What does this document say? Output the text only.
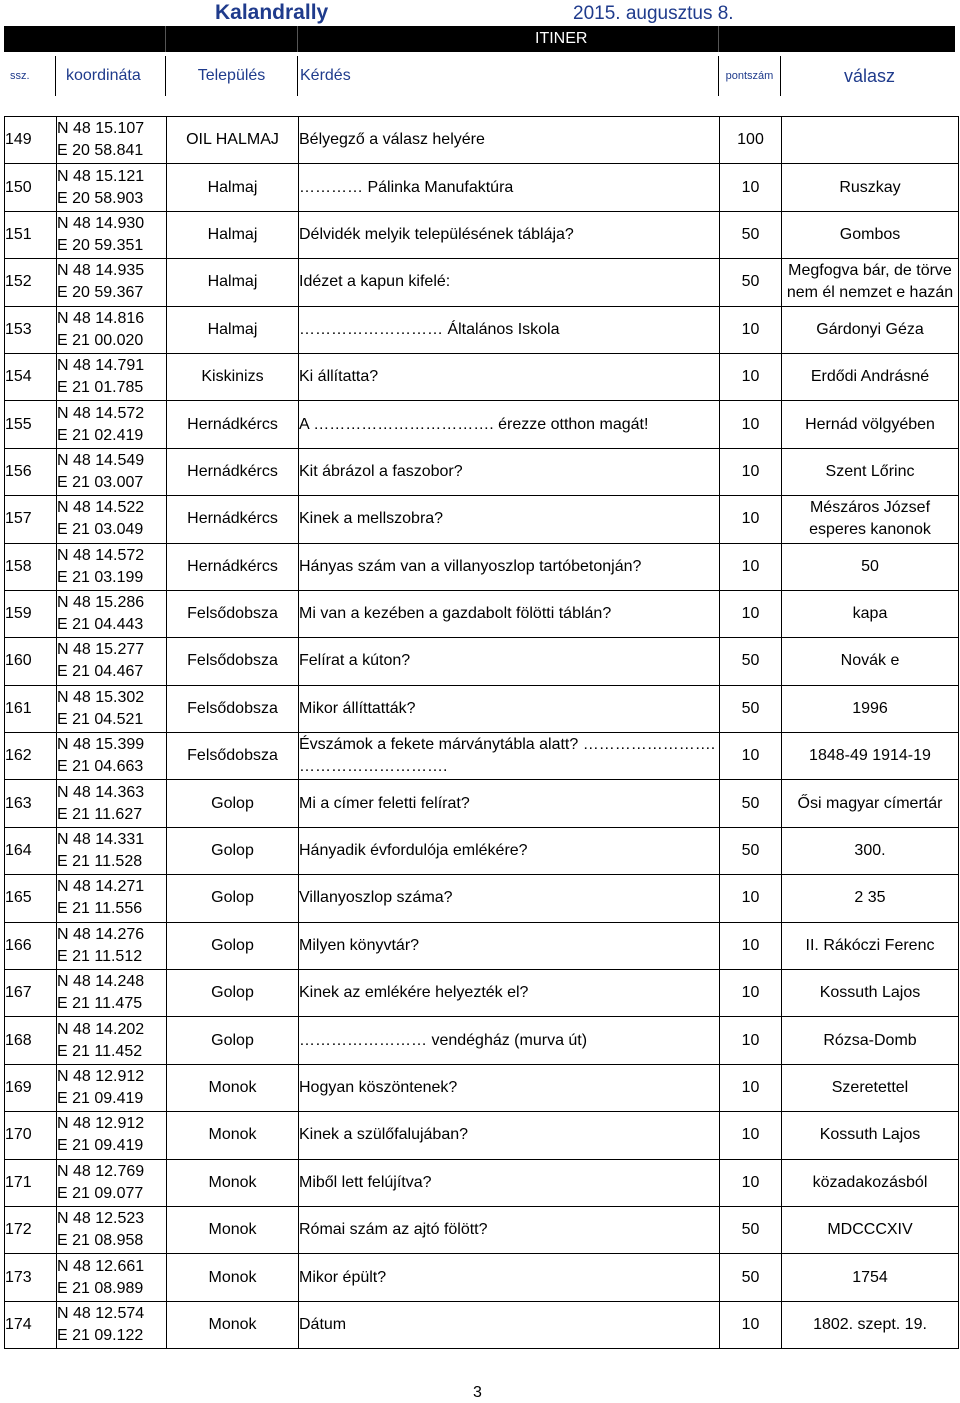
Kalandrally	2015. augusztus 8.
ITINER
ssz.	koordináta	Település	Kérdés	pontszám	válasz
149	N 48 15.107
E 20 58.841	OIL HALMAJ	Bélyegző a válasz helyére	100	
150	N 48 15.121
E 20 58.903	Halmaj	………… Pálinka Manufaktúra	10	Ruszkay
151	N 48 14.930
E 20 59.351	Halmaj	Délvidék melyik településének táblája?	50	Gombos
152	N 48 14.935
E 20 59.367	Halmaj	Idézet a kapun kifelé:	50	Megfogva bár, de törve nem él nemzet e hazán
153	N 48 14.816
E 21 00.020	Halmaj	……………………… Általános Iskola	10	Gárdonyi Géza
154	N 48 14.791
E 21 01.785	Kiskinizs	Ki állítatta?	10	Erdődi Andrásné
155	N 48 14.572
E 21 02.419	Hernádkércs	A ……………………………. érezze otthon magát!	10	Hernád völgyében
156	N 48 14.549
E 21 03.007	Hernádkércs	Kit ábrázol a faszobor?	10	Szent Lőrinc
157	N 48 14.522
E 21 03.049	Hernádkércs	Kinek a mellszobra?	10	Mészáros József esperes kanonok
158	N 48 14.572
E 21 03.199	Hernádkércs	Hányas szám van a villanyoszlop tartóbetonján?	10	50
159	N 48 15.286
E 21 04.443	Felsődobsza	Mi van a kezében a gazdabolt fölötti táblán?	10	kapa
160	N 48 15.277
E 21 04.467	Felsődobsza	Felírat a kúton?	50	Novák e
161	N 48 15.302
E 21 04.521	Felsődobsza	Mikor állíttatták?	50	1996
162	N 48 15.399
E 21 04.663	Felsődobsza	Évszámok a fekete márványtábla alatt? ……………………. ……………………….	10	1848-49 1914-19
163	N 48 14.363
E 21 11.627	Golop	Mi a címer feletti felírat?	50	Ősi magyar címertár
164	N 48 14.331
E 21 11.528	Golop	Hányadik évfordulója emlékére?	50	300.
165	N 48 14.271
E 21 11.556	Golop	Villanyoszlop száma?	10	2 35
166	N 48 14.276
E 21 11.512	Golop	Milyen könyvtár?	10	II. Rákóczi Ferenc
167	N 48 14.248
E 21 11.475	Golop	Kinek az emlékére helyezték el?	10	Kossuth Lajos
168	N 48 14.202
E 21 11.452	Golop	…………………… vendégház (murva út)	10	Rózsa-Domb
169	N 48 12.912
E 21 09.419	Monok	Hogyan köszöntenek?	10	Szeretettel
170	N 48 12.912
E 21 09.419	Monok	Kinek a szülőfalujában?	10	Kossuth Lajos
171	N 48 12.769
E 21 09.077	Monok	Miből lett felújítva?	10	közadakozásból
172	N 48 12.523
E 21 08.958	Monok	Római szám az ajtó fölött?	50	MDCCCXIV
173	N 48 12.661
E 21 08.989	Monok	Mikor épült?	50	1754
174	N 48 12.574
E 21 09.122	Monok	Dátum	10	1802. szept. 19.
3
